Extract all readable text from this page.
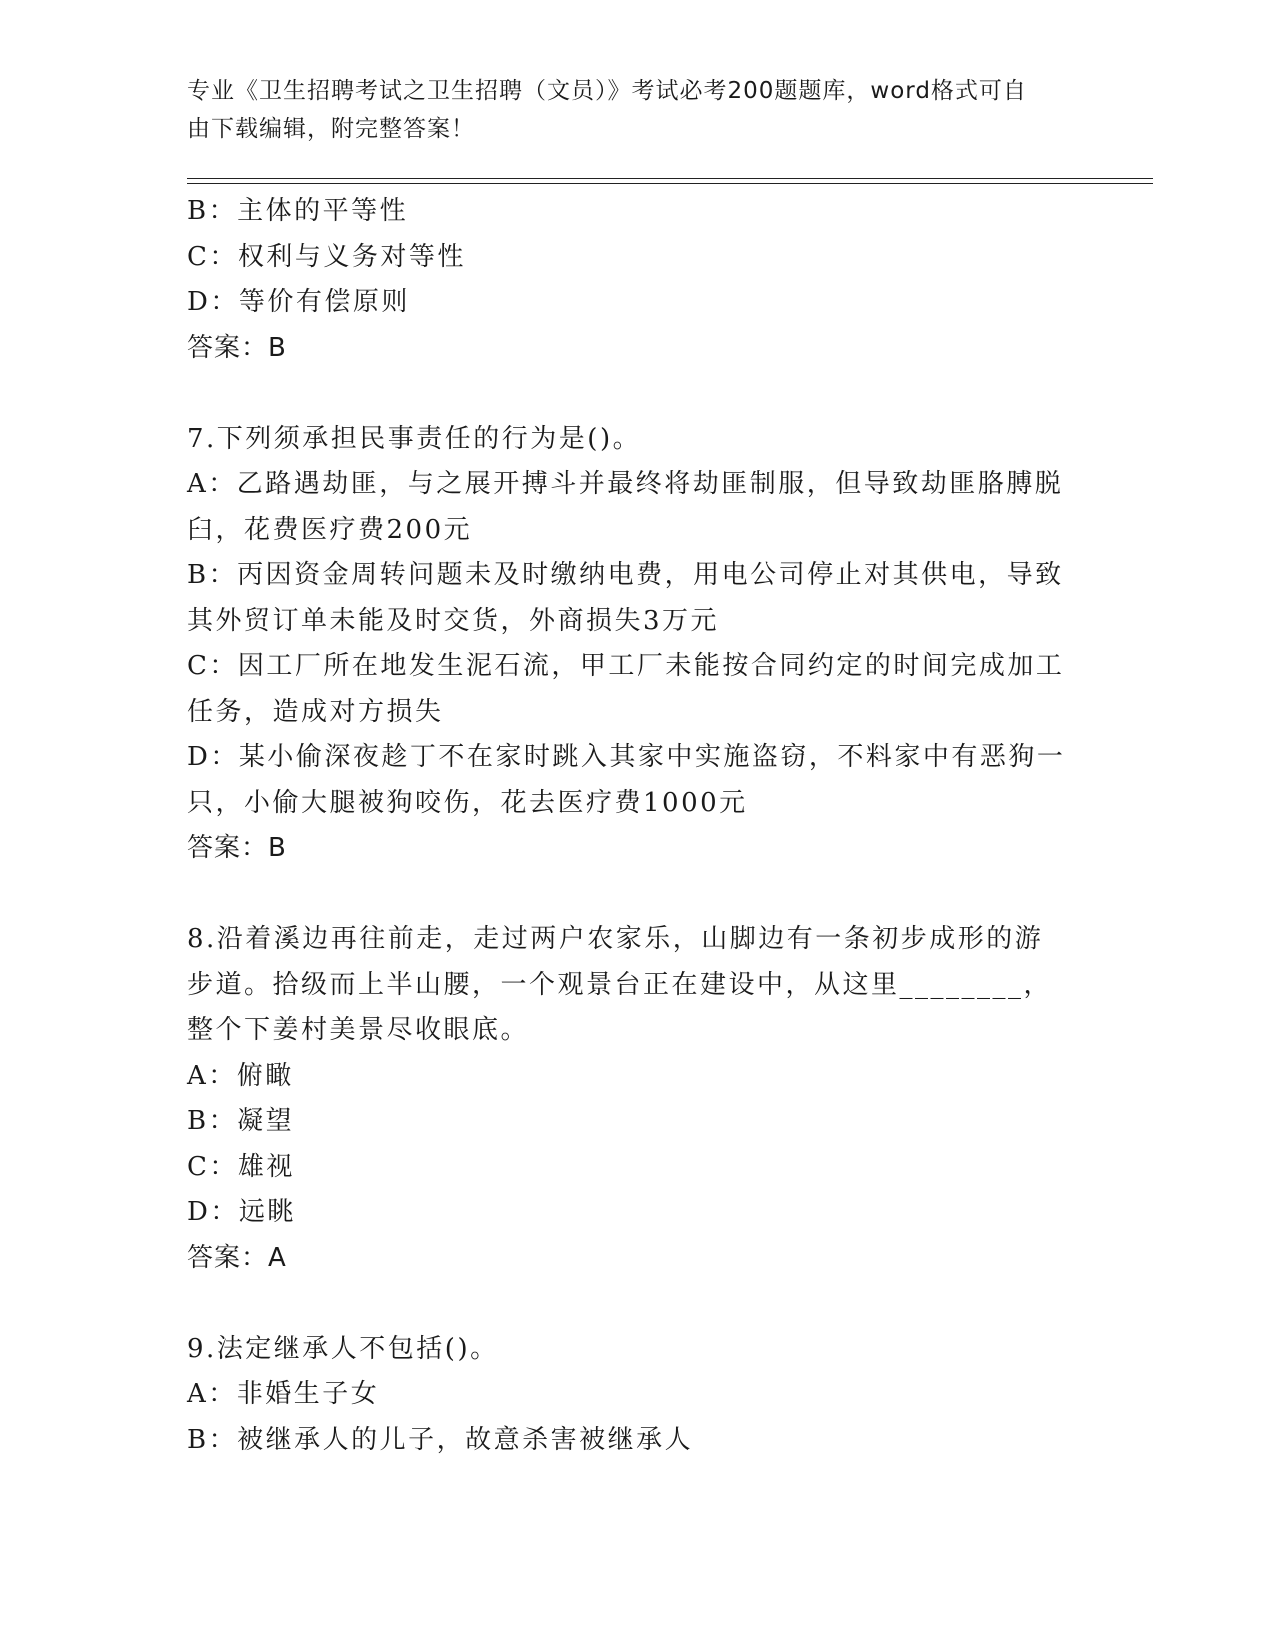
专业《卫生招聘考试之卫生招聘（文员）》考试必考200题题库，word格式可自
由下载编辑，附完整答案！

B：主体的平等性

C：权利与义务对等性

D：等价有偿原则

答案：B

7.下列须承担民事责任的行为是()。

A：乙路遇劫匪，与之展开搏斗并最终将劫匪制服，但导致劫匪胳膊脱

臼，花费医疗费200元

B：丙因资金周转问题未及时缴纳电费，用电公司停止对其供电，导致

其外贸订单未能及时交货，外商损失3万元

C：因工厂所在地发生泥石流，甲工厂未能按合同约定的时间完成加工

任务，造成对方损失

D：某小偷深夜趁丁不在家时跳入其家中实施盗窃，不料家中有恶狗一

只，小偷大腿被狗咬伤，花去医疗费1000元

答案：B

8.沿着溪边再往前走，走过两户农家乐，山脚边有一条初步成形的游

步道。拾级而上半山腰，一个观景台正在建设中，从这里________，

整个下姜村美景尽收眼底。

A：俯瞰

B：凝望

C：雄视

D：远眺

答案：A

9.法定继承人不包括()。

A：非婚生子女

B：被继承人的儿子，故意杀害被继承人
